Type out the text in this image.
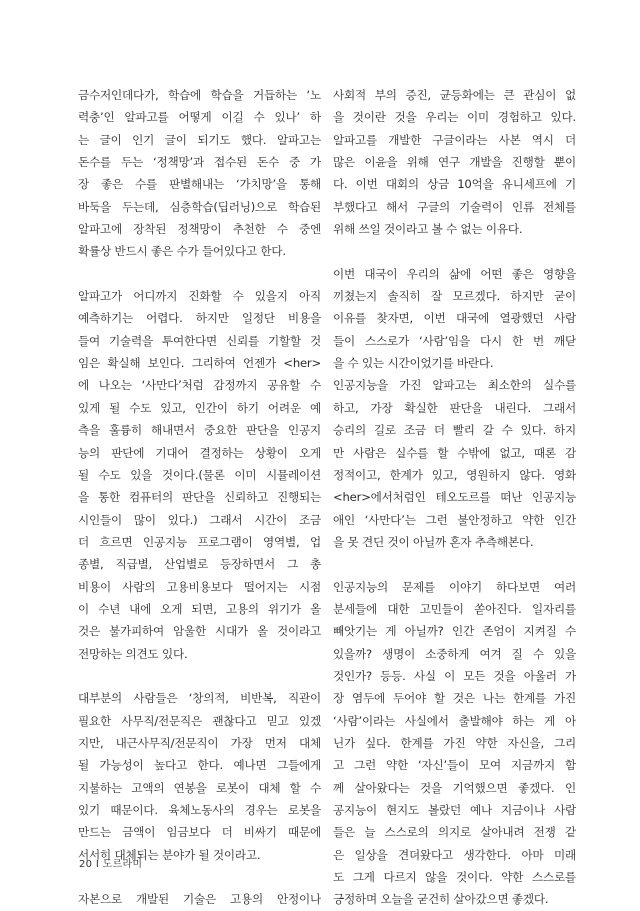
금수저인데다가, 학습에 학습을 거듭하는 ‘노
력충’인 알파고를 어떻게 이길 수 있나’ 하
는 글이 인기 글이 되기도 했다. 알파고는
돈수를 두는 ‘정책망’과 접수된 돈수 중 가
장 좋은 수를 판별해내는 ‘가치망’을 통해
바둑을 두는데, 심층학습(딥러닝)으로 학습된
알파고에 장착된 정책망이 추천한 수 중엔
확률상 반드시 좋은 수가 들어있다고 한다.
알파고가 어디까지 진화할 수 있을지 아직
예측하기는 어렵다. 하지만 일정단 비용을
들여 기술력을 투여한다면 신뢰를 기할할 것
임은 확실해 보인다. 그리하여 언젠가 <her>
에 나오는 ‘사만다’처럼 감정까지 공유할 수
있게 될 수도 있고, 인간이 하기 어려운 예
측을 훌륭히 해내면서 중요한 판단을 인공지
능의 판단에 기대어 결정하는 상황이 오게
될 수도 있을 것이다.(물론 이미 시뮬레이션
을 통한 컴퓨터의 판단을 신뢰하고 진행되는
시인들이 많이 있다.) 그래서 시간이 조금
더 흐르면 인공지능 프로그램이 영역별, 업
종별, 직급별, 산업별로 등장하면서 그 총
비용이 사람의 고용비용보다 떨어지는 시점
이 수년 내에 오게 되면, 고용의 위기가 올
것은 불가피하여 암울한 시대가 올 것이라고
전망하는 의견도 있다.
대부분의 사람들은 ‘창의적, 비반복, 직관이
필요한 사무직/전문직은 괜찮다고 믿고 있겠
지만, 내근사무직/전문직이 가장 먼저 대체
될 가능성이 높다고 한다. 예나면 그들에게
지불하는 고액의 연봉을 로봇이 대체 할 수
있기 때문이다. 육체노동사의 경우는 로봇을
만드는 금액이 임금보다 더 비싸기 때문에
서서히 대체되는 분야가 될 것이라고.
자본으로 개발된 기술은 고용의 안정이나
사회적 부의 증진, 균등화에는 큰 관심이 없
을 것이란 것을 우리는 이미 경험하고 있다.
알파고를 개발한 구글이라는 사본 역시 더
많은 이윤을 위해 연구 개발을 진행할 뿐이
다. 이번 대회의 상금 10억을 유니세프에 기
부했다고 해서 구글의 기술력이 인류 전체를
위해 쓰일 것이라고 볼 수 없는 이유다.
이번 대국이 우리의 삶에 어떤 좋은 영향을
끼쳤는지 솔직히 잘 모르겠다. 하지만 굳이
이유를 찾자면, 이번 대국에 열광했던 사람
들이 스스로가 ‘사람’임을 다시 한 번 깨닫
을 수 있는 시간이었기를 바란다.
인공지능을 가진 알파고는 최소한의 실수를
하고, 가장 확실한 판단을 내린다. 그래서
승리의 길로 조금 더 빨리 갈 수 있다. 하지
만 사람은 실수를 할 수밖에 없고, 때론 감
정적이고, 한계가 있고, 영원하지 않다. 영화
<her>에서처럼인 테오도르를 떠난 인공지능
애인 ‘사만다’는 그런 불안정하고 약한 인간
을 못 견딘 것이 아닐까 혼자 추측해본다.
인공지능의 문제를 이야기 하다보면 여러
분세들에 대한 고민들이 쏟아진다. 일자리를
빼앗기는 게 아닐까? 인간 존엄이 지켜질 수
있을까? 생명이 소중하게 여겨 질 수 있을
것인가? 등등. 사실 이 모든 것을 아울러 가
장 염두에 두어야 할 것은 나는 한계를 가진
‘사람’이라는 사실에서 출발해야 하는 게 아
닌가 싶다. 한계를 가진 약한 자신을, 그리
고 그런 약한 ‘자신’들이 모여 지금까지 함
께 살아왔다는 것을 기억했으면 좋겠다. 인
공지능이 현지도 볼랐던 예나 지금이나 사람
들은 늘 스스로의 의지로 살아내려 전쟁 같
은 일상을 견뎌왔다고 생각한다. 아마 미래
도 그게 다르지 않을 것이다. 약한 스스로를
긍정하며 오늘을 굳건히 살아갔으면 좋겠다.
20 I 도르라미
